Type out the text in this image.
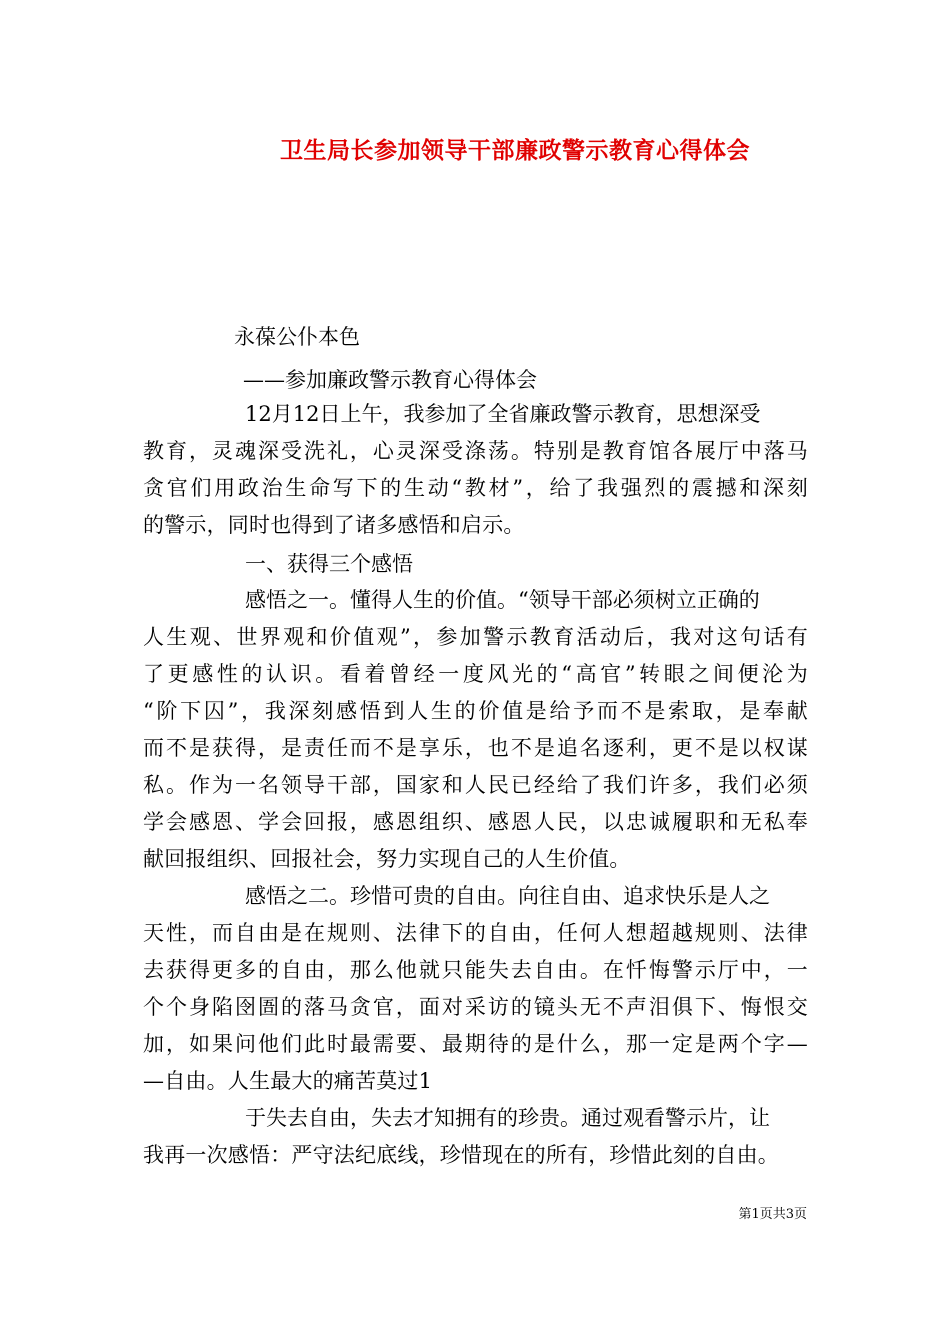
卫生局长参加领导干部廉政警示教育心得体会
永葆公仆本色
——参加廉政警示教育心得体会
12月12日上午，我参加了全省廉政警示教育，思想深受
教育，灵魂深受洗礼，心灵深受涤荡。特别是教育馆各展厅中落马
贪官们用政治生命写下的生动“教材”，给了我强烈的震撼和深刻
的警示，同时也得到了诸多感悟和启示。
一、获得三个感悟
感悟之一。懂得人生的价值。“领导干部必须树立正确的
人生观、世界观和价值观”，参加警示教育活动后，我对这句话有
了更感性的认识。看着曾经一度风光的“高官”转眼之间便沦为
“阶下囚”，我深刻感悟到人生的价值是给予而不是索取，是奉献
而不是获得，是责任而不是享乐，也不是追名逐利，更不是以权谋
私。作为一名领导干部，国家和人民已经给了我们许多，我们必须
学会感恩、学会回报，感恩组织、感恩人民，以忠诚履职和无私奉
献回报组织、回报社会，努力实现自己的人生价值。
感悟之二。珍惜可贵的自由。向往自由、追求快乐是人之
天性，而自由是在规则、法律下的自由，任何人想超越规则、法律
去获得更多的自由，那么他就只能失去自由。在忏悔警示厅中，一
个个身陷囹圄的落马贪官，面对采访的镜头无不声泪俱下、悔恨交
加，如果问他们此时最需要、最期待的是什么，那一定是两个字—
—自由。人生最大的痛苦莫过1
于失去自由，失去才知拥有的珍贵。通过观看警示片，让
我再一次感悟：严守法纪底线，珍惜现在的所有，珍惜此刻的自由。
第1页共3页
